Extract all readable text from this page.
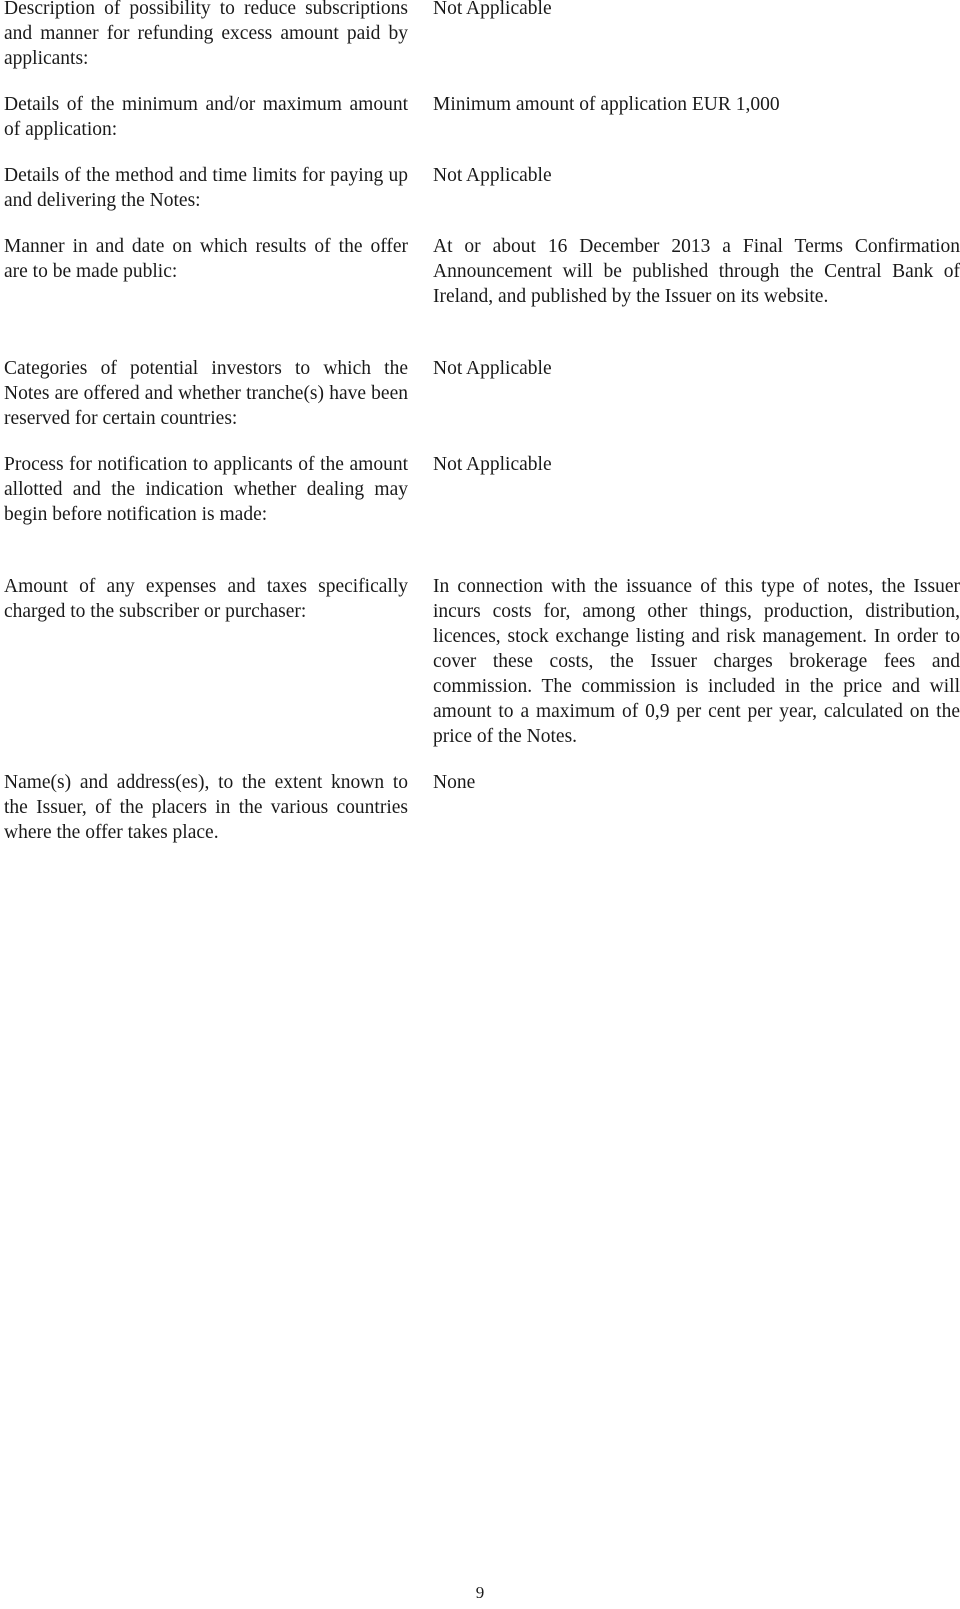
Description of possibility to reduce subscriptions and manner for refunding excess amount paid by applicants:

Not Applicable

Details of the minimum and/or maximum amount of application:

Minimum amount of application EUR 1,000

Details of the method and time limits for paying up and delivering the Notes:

Not Applicable

Manner in and date on which results of the offer are to be made public:

At or about 16 December 2013 a Final Terms Confirmation Announcement will be published through the Central Bank of Ireland, and published by the Issuer on its website.

Categories of potential investors to which the Notes are offered and whether tranche(s) have been reserved for certain countries:

Not Applicable

Process for notification to applicants of the amount allotted and the indication whether dealing may begin before notification is made:

Not Applicable

Amount of any expenses and taxes specifically charged to the subscriber or purchaser:

In connection with the issuance of this type of notes, the Issuer incurs costs for, among other things, production, distribution, licences, stock exchange listing and risk management. In order to cover these costs, the Issuer charges brokerage fees and commission. The commission is included in the price and will amount to a maximum of 0,9 per cent per year, calculated on the price of the Notes.

Name(s) and address(es), to the extent known to the Issuer, of the placers in the various countries where the offer takes place.

None

9
